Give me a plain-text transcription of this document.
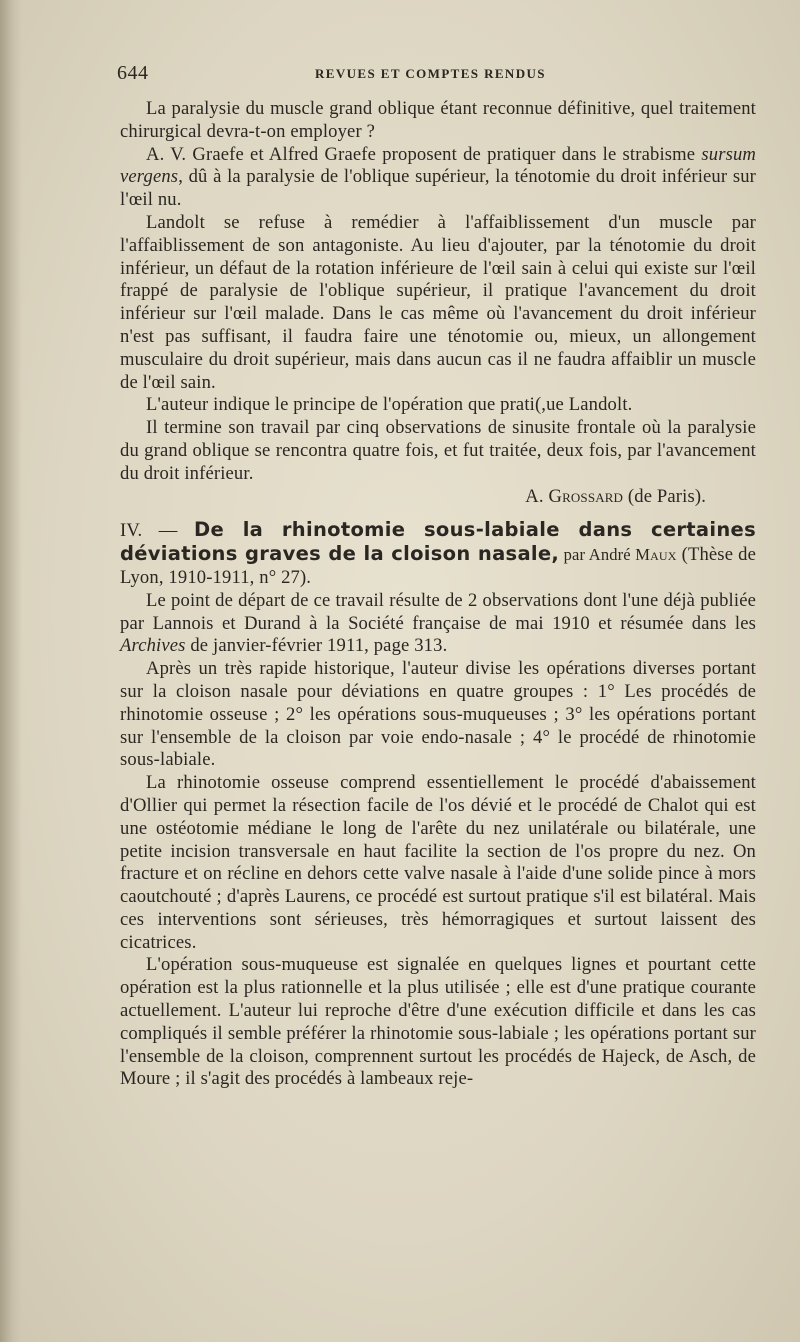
644	REVUES ET COMPTES RENDUS

La paralysie du muscle grand oblique étant reconnue définitive, quel traitement chirurgical devra-t-on employer ?

A. V. Graefe et Alfred Graefe proposent de pratiquer dans le strabisme sursum vergens, dû à la paralysie de l'oblique supérieur, la ténotomie du droit inférieur sur l'œil nu.

Landolt se refuse à remédier à l'affaiblissement d'un muscle par l'affaiblissement de son antagoniste. Au lieu d'ajouter, par la ténotomie du droit inférieur, un défaut de la rotation inférieure de l'œil sain à celui qui existe sur l'œil frappé de paralysie de l'oblique supérieur, il pratique l'avancement du droit inférieur sur l'œil malade. Dans le cas même où l'avancement du droit inférieur n'est pas suffisant, il faudra faire une ténotomie ou, mieux, un allongement musculaire du droit supérieur, mais dans aucun cas il ne faudra affaiblir un muscle de l'œil sain.

L'auteur indique le principe de l'opération que prati(,ue Landolt.

Il termine son travail par cinq observations de sinusite frontale où la paralysie du grand oblique se rencontra quatre fois, et fut traitée, deux fois, par l'avancement du droit inférieur.

A. Grossard (de Paris).

IV. — De la rhinotomie sous-labiale dans certaines déviations graves de la cloison nasale, par André Maux (Thèse de Lyon, 1910-1911, n° 27).

Le point de départ de ce travail résulte de 2 observations dont l'une déjà publiée par Lannois et Durand à la Société française de mai 1910 et résumée dans les Archives de janvier-février 1911, page 313.

Après un très rapide historique, l'auteur divise les opérations diverses portant sur la cloison nasale pour déviations en quatre groupes : 1° Les procédés de rhinotomie osseuse ; 2° les opérations sous-muqueuses ; 3° les opérations portant sur l'ensemble de la cloison par voie endo-nasale ; 4° le procédé de rhinotomie sous-labiale.

La rhinotomie osseuse comprend essentiellement le procédé d'abaissement d'Ollier qui permet la résection facile de l'os dévié et le procédé de Chalot qui est une ostéotomie médiane le long de l'arête du nez unilatérale ou bilatérale, une petite incision transversale en haut facilite la section de l'os propre du nez. On fracture et on récline en dehors cette valve nasale à l'aide d'une solide pince à mors caoutchouté ; d'après Laurens, ce procédé est surtout pratique s'il est bilatéral. Mais ces interventions sont sérieuses, très hémorragiques et surtout laissent des cicatrices.

L'opération sous-muqueuse est signalée en quelques lignes et pourtant cette opération est la plus rationnelle et la plus utilisée ; elle est d'une pratique courante actuellement. L'auteur lui reproche d'être d'une exécution difficile et dans les cas compliqués il semble préférer la rhinotomie sous-labiale ; les opérations portant sur l'ensemble de la cloison, comprennent surtout les procédés de Hajeck, de Asch, de Moure ; il s'agit des procédés à lambeaux reje-
